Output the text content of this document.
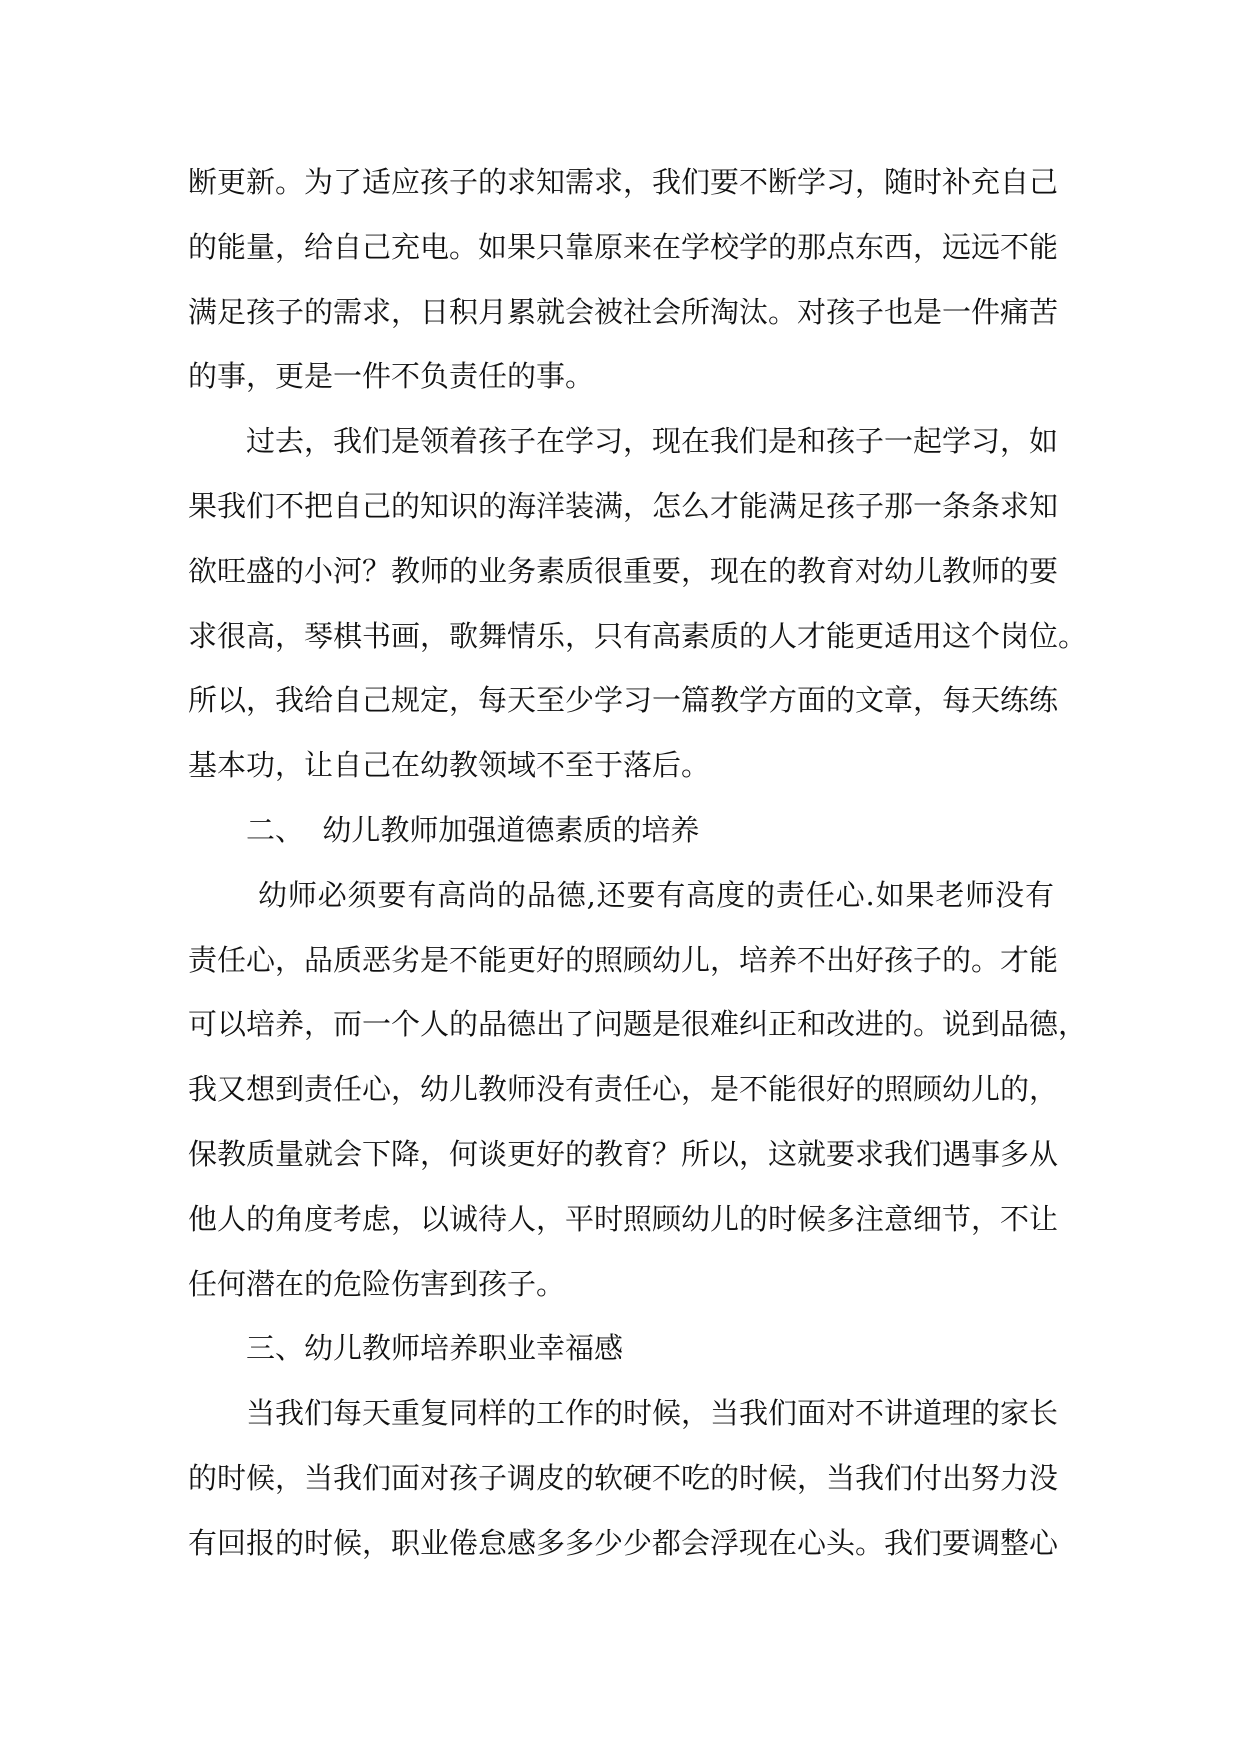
断更新。为了适应孩子的求知需求，我们要不断学习，随时补充自己
的能量，给自己充电。如果只靠原来在学校学的那点东西，远远不能
满足孩子的需求，日积月累就会被社会所淘汰。对孩子也是一件痛苦
的事，更是一件不负责任的事。
过去，我们是领着孩子在学习，现在我们是和孩子一起学习，如
果我们不把自己的知识的海洋装满，怎么才能满足孩子那一条条求知
欲旺盛的小河？教师的业务素质很重要，现在的教育对幼儿教师的要
求很高，琴棋书画，歌舞情乐，只有高素质的人才能更适用这个岗位。
所以，我给自己规定，每天至少学习一篇教学方面的文章，每天练练
基本功，让自己在幼教领域不至于落后。
二、  幼儿教师加强道德素质的培养
幼师必须要有高尚的品德,还要有高度的责任心.如果老师没有
责任心，品质恶劣是不能更好的照顾幼儿，培养不出好孩子的。才能
可以培养，而一个人的品德出了问题是很难纠正和改进的。说到品德，
我又想到责任心，幼儿教师没有责任心，是不能很好的照顾幼儿的，
保教质量就会下降，何谈更好的教育？所以，这就要求我们遇事多从
他人的角度考虑，以诚待人，平时照顾幼儿的时候多注意细节，不让
任何潜在的危险伤害到孩子。
三、幼儿教师培养职业幸福感
当我们每天重复同样的工作的时候，当我们面对不讲道理的家长
的时候，当我们面对孩子调皮的软硬不吃的时候，当我们付出努力没
有回报的时候，职业倦怠感多多少少都会浮现在心头。我们要调整心
